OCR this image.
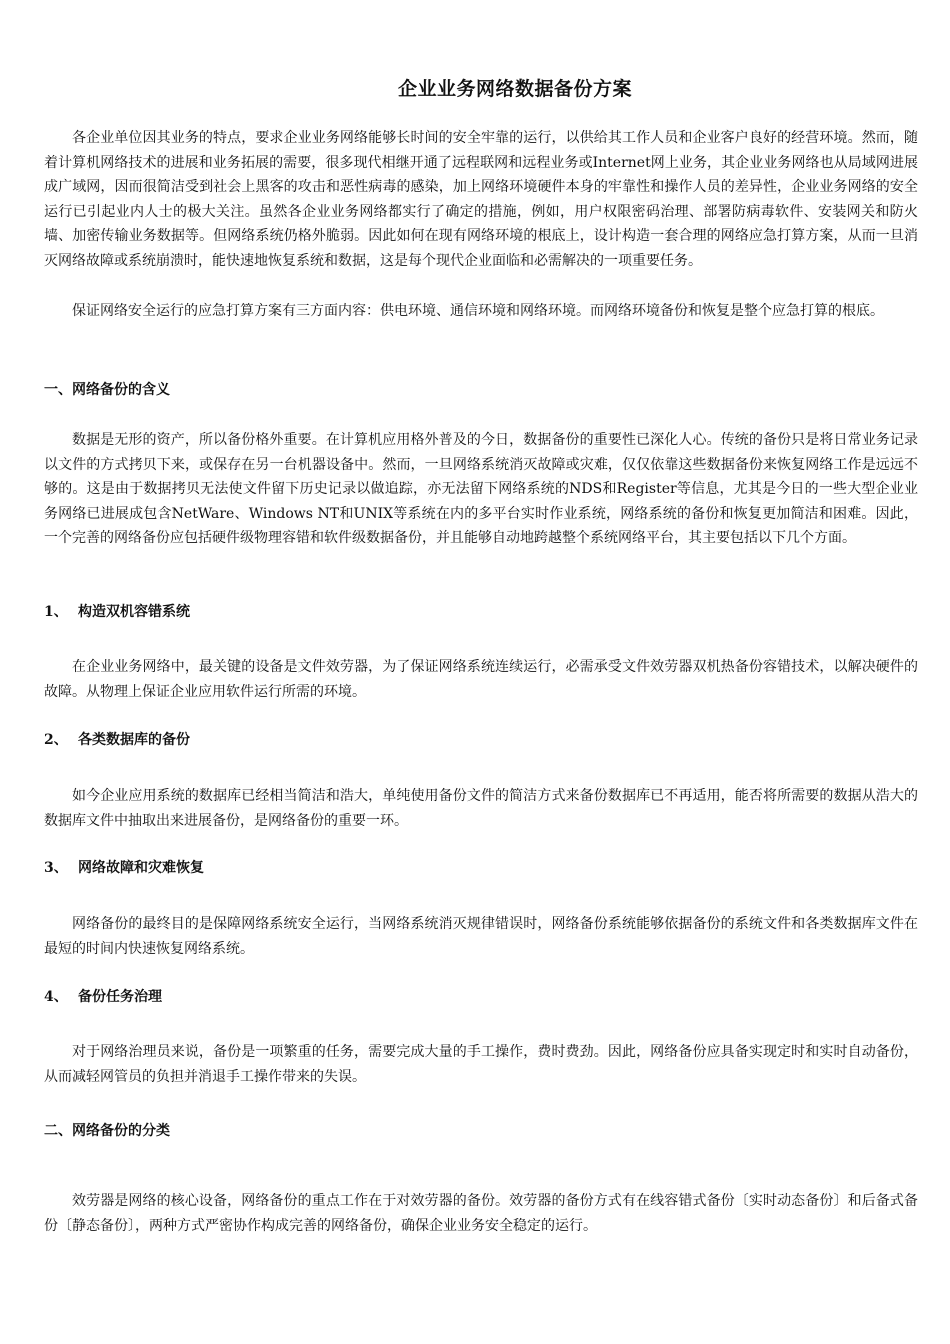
企业业务网络数据备份方案

各企业单位因其业务的特点，要求企业业务网络能够长时间的安全牢靠的运行，以供给其工作人员和企业客户良好的经营环境。然而，随着计算机网络技术的进展和业务拓展的需要，很多现代相继开通了远程联网和远程业务或Internet网上业务，其企业业务网络也从局域网进展成广域网，因而很简洁受到社会上黑客的攻击和恶性病毒的感染，加上网络环境硬件本身的牢靠性和操作人员的差异性，企业业务网络的安全运行已引起业内人士的极大关注。虽然各企业业务网络都实行了确定的措施，例如，用户权限密码治理、部署防病毒软件、安装网关和防火墙、加密传输业务数据等。但网络系统仍格外脆弱。因此如何在现有网络环境的根底上，设计构造一套合理的网络应急打算方案，从而一旦消灭网络故障或系统崩溃时，能快速地恢复系统和数据，这是每个现代企业面临和必需解决的一项重要任务。

保证网络安全运行的应急打算方案有三方面内容：供电环境、通信环境和网络环境。而网络环境备份和恢复是整个应急打算的根底。

一、网络备份的含义

数据是无形的资产，所以备份格外重要。在计算机应用格外普及的今日，数据备份的重要性已深化人心。传统的备份只是将日常业务记录以文件的方式拷贝下来，或保存在另一台机器设备中。然而，一旦网络系统消灭故障或灾难，仅仅依靠这些数据备份来恢复网络工作是远远不够的。这是由于数据拷贝无法使文件留下历史记录以做追踪，亦无法留下网络系统的NDS和Register等信息，尤其是今日的一些大型企业业务网络已进展成包含NetWare、Windows NT和UNIX等系统在内的多平台实时作业系统，网络系统的备份和恢复更加简洁和困难。因此，一个完善的网络备份应包括硬件级物理容错和软件级数据备份，并且能够自动地跨越整个系统网络平台，其主要包括以下几个方面。

1、 构造双机容错系统

在企业业务网络中，最关键的设备是文件效劳器，为了保证网络系统连续运行，必需承受文件效劳器双机热备份容错技术，以解决硬件的故障。从物理上保证企业应用软件运行所需的环境。

2、 各类数据库的备份

如今企业应用系统的数据库已经相当简洁和浩大，单纯使用备份文件的简洁方式来备份数据库已不再适用，能否将所需要的数据从浩大的数据库文件中抽取出来进展备份，是网络备份的重要一环。

3、 网络故障和灾难恢复

网络备份的最终目的是保障网络系统安全运行，当网络系统消灭规律错误时，网络备份系统能够依据备份的系统文件和各类数据库文件在最短的时间内快速恢复网络系统。

4、 备份任务治理

对于网络治理员来说，备份是一项繁重的任务，需要完成大量的手工操作，费时费劲。因此，网络备份应具备实现定时和实时自动备份，从而减轻网管员的负担并消退手工操作带来的失误。

二、网络备份的分类

效劳器是网络的核心设备，网络备份的重点工作在于对效劳器的备份。效劳器的备份方式有在线容错式备份〔实时动态备份〕和后备式备份〔静态备份〕，两种方式严密协作构成完善的网络备份，确保企业业务安全稳定的运行。
